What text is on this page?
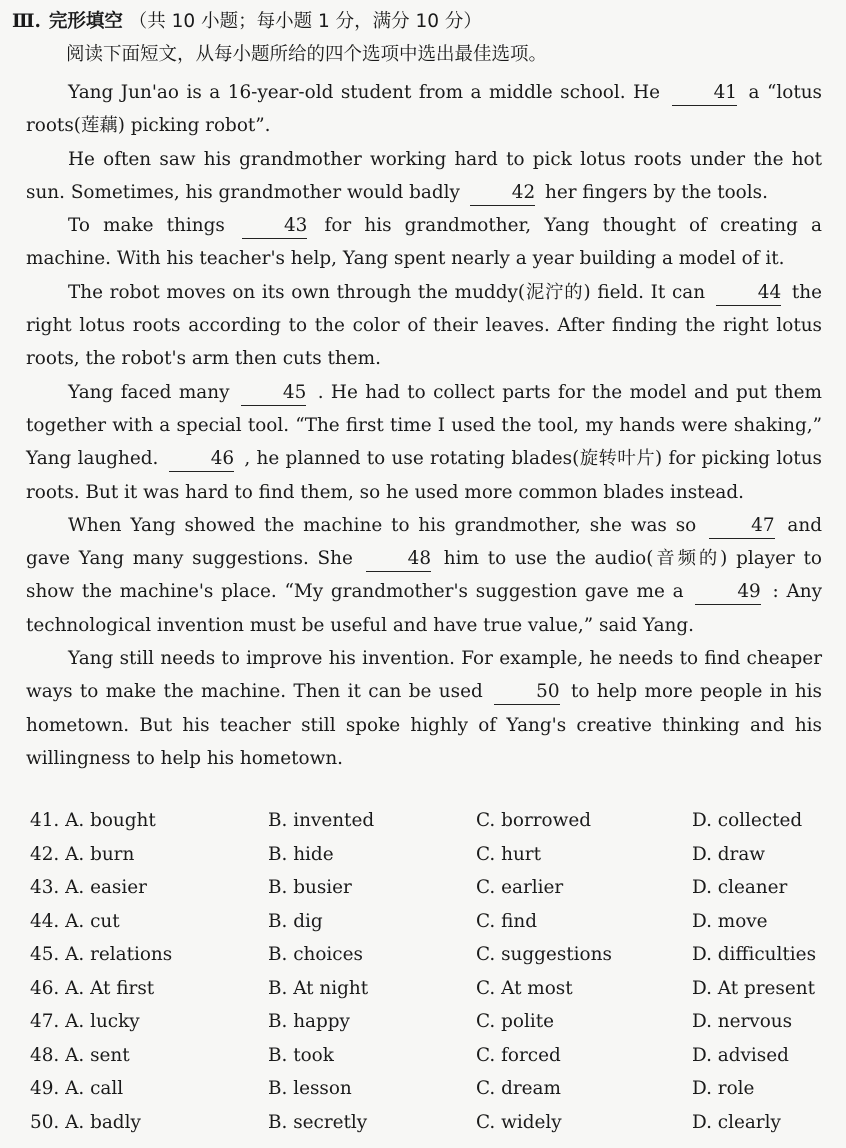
Ⅲ. 完形填空 （共 10 小题；每小题 1 分，满分 10 分）
阅读下面短文，从每小题所给的四个选项中选出最佳选项。

Yang Jun'ao is a 16-year-old student from a middle school. He	41 a “lotus roots(莲藕) picking robot”.

He often saw his grandmother working hard to pick lotus roots under the hot sun. Sometimes, his grandmother would badly	42 her fingers by the tools.

To make things	43 for his grandmother, Yang thought of creating a machine. With his teacher's help, Yang spent nearly a year building a model of it.

The robot moves on its own through the muddy(泥泞的) field. It can	44 the right lotus roots according to the color of their leaves. After finding the right lotus roots, the robot's arm then cuts them.

Yang faced many	45 . He had to collect parts for the model and put them together with a special tool. “The first time I used the tool, my hands were shaking,” Yang laughed.	46 , he planned to use rotating blades(旋转叶片) for picking lotus roots. But it was hard to find them, so he used more common blades instead.

When Yang showed the machine to his grandmother, she was so	47 and gave Yang many suggestions. She	48 him to use the audio(音频的) player to show the machine's place. “My grandmother's suggestion gave me a	49 : Any technological invention must be useful and have true value,” said Yang.

Yang still needs to improve his invention. For example, he needs to find cheaper ways to make the machine. Then it can be used	50 to help more people in his hometown. But his teacher still spoke highly of Yang's creative thinking and his willingness to help his hometown.

41. A. bought	B. invented	C. borrowed	D. collected
42. A. burn	B. hide	C. hurt	D. draw
43. A. easier	B. busier	C. earlier	D. cleaner
44. A. cut	B. dig	C. find	D. move
45. A. relations	B. choices	C. suggestions	D. difficulties
46. A. At first	B. At night	C. At most	D. At present
47. A. lucky	B. happy	C. polite	D. nervous
48. A. sent	B. took	C. forced	D. advised
49. A. call	B. lesson	C. dream	D. role
50. A. badly	B. secretly	C. widely	D. clearly
